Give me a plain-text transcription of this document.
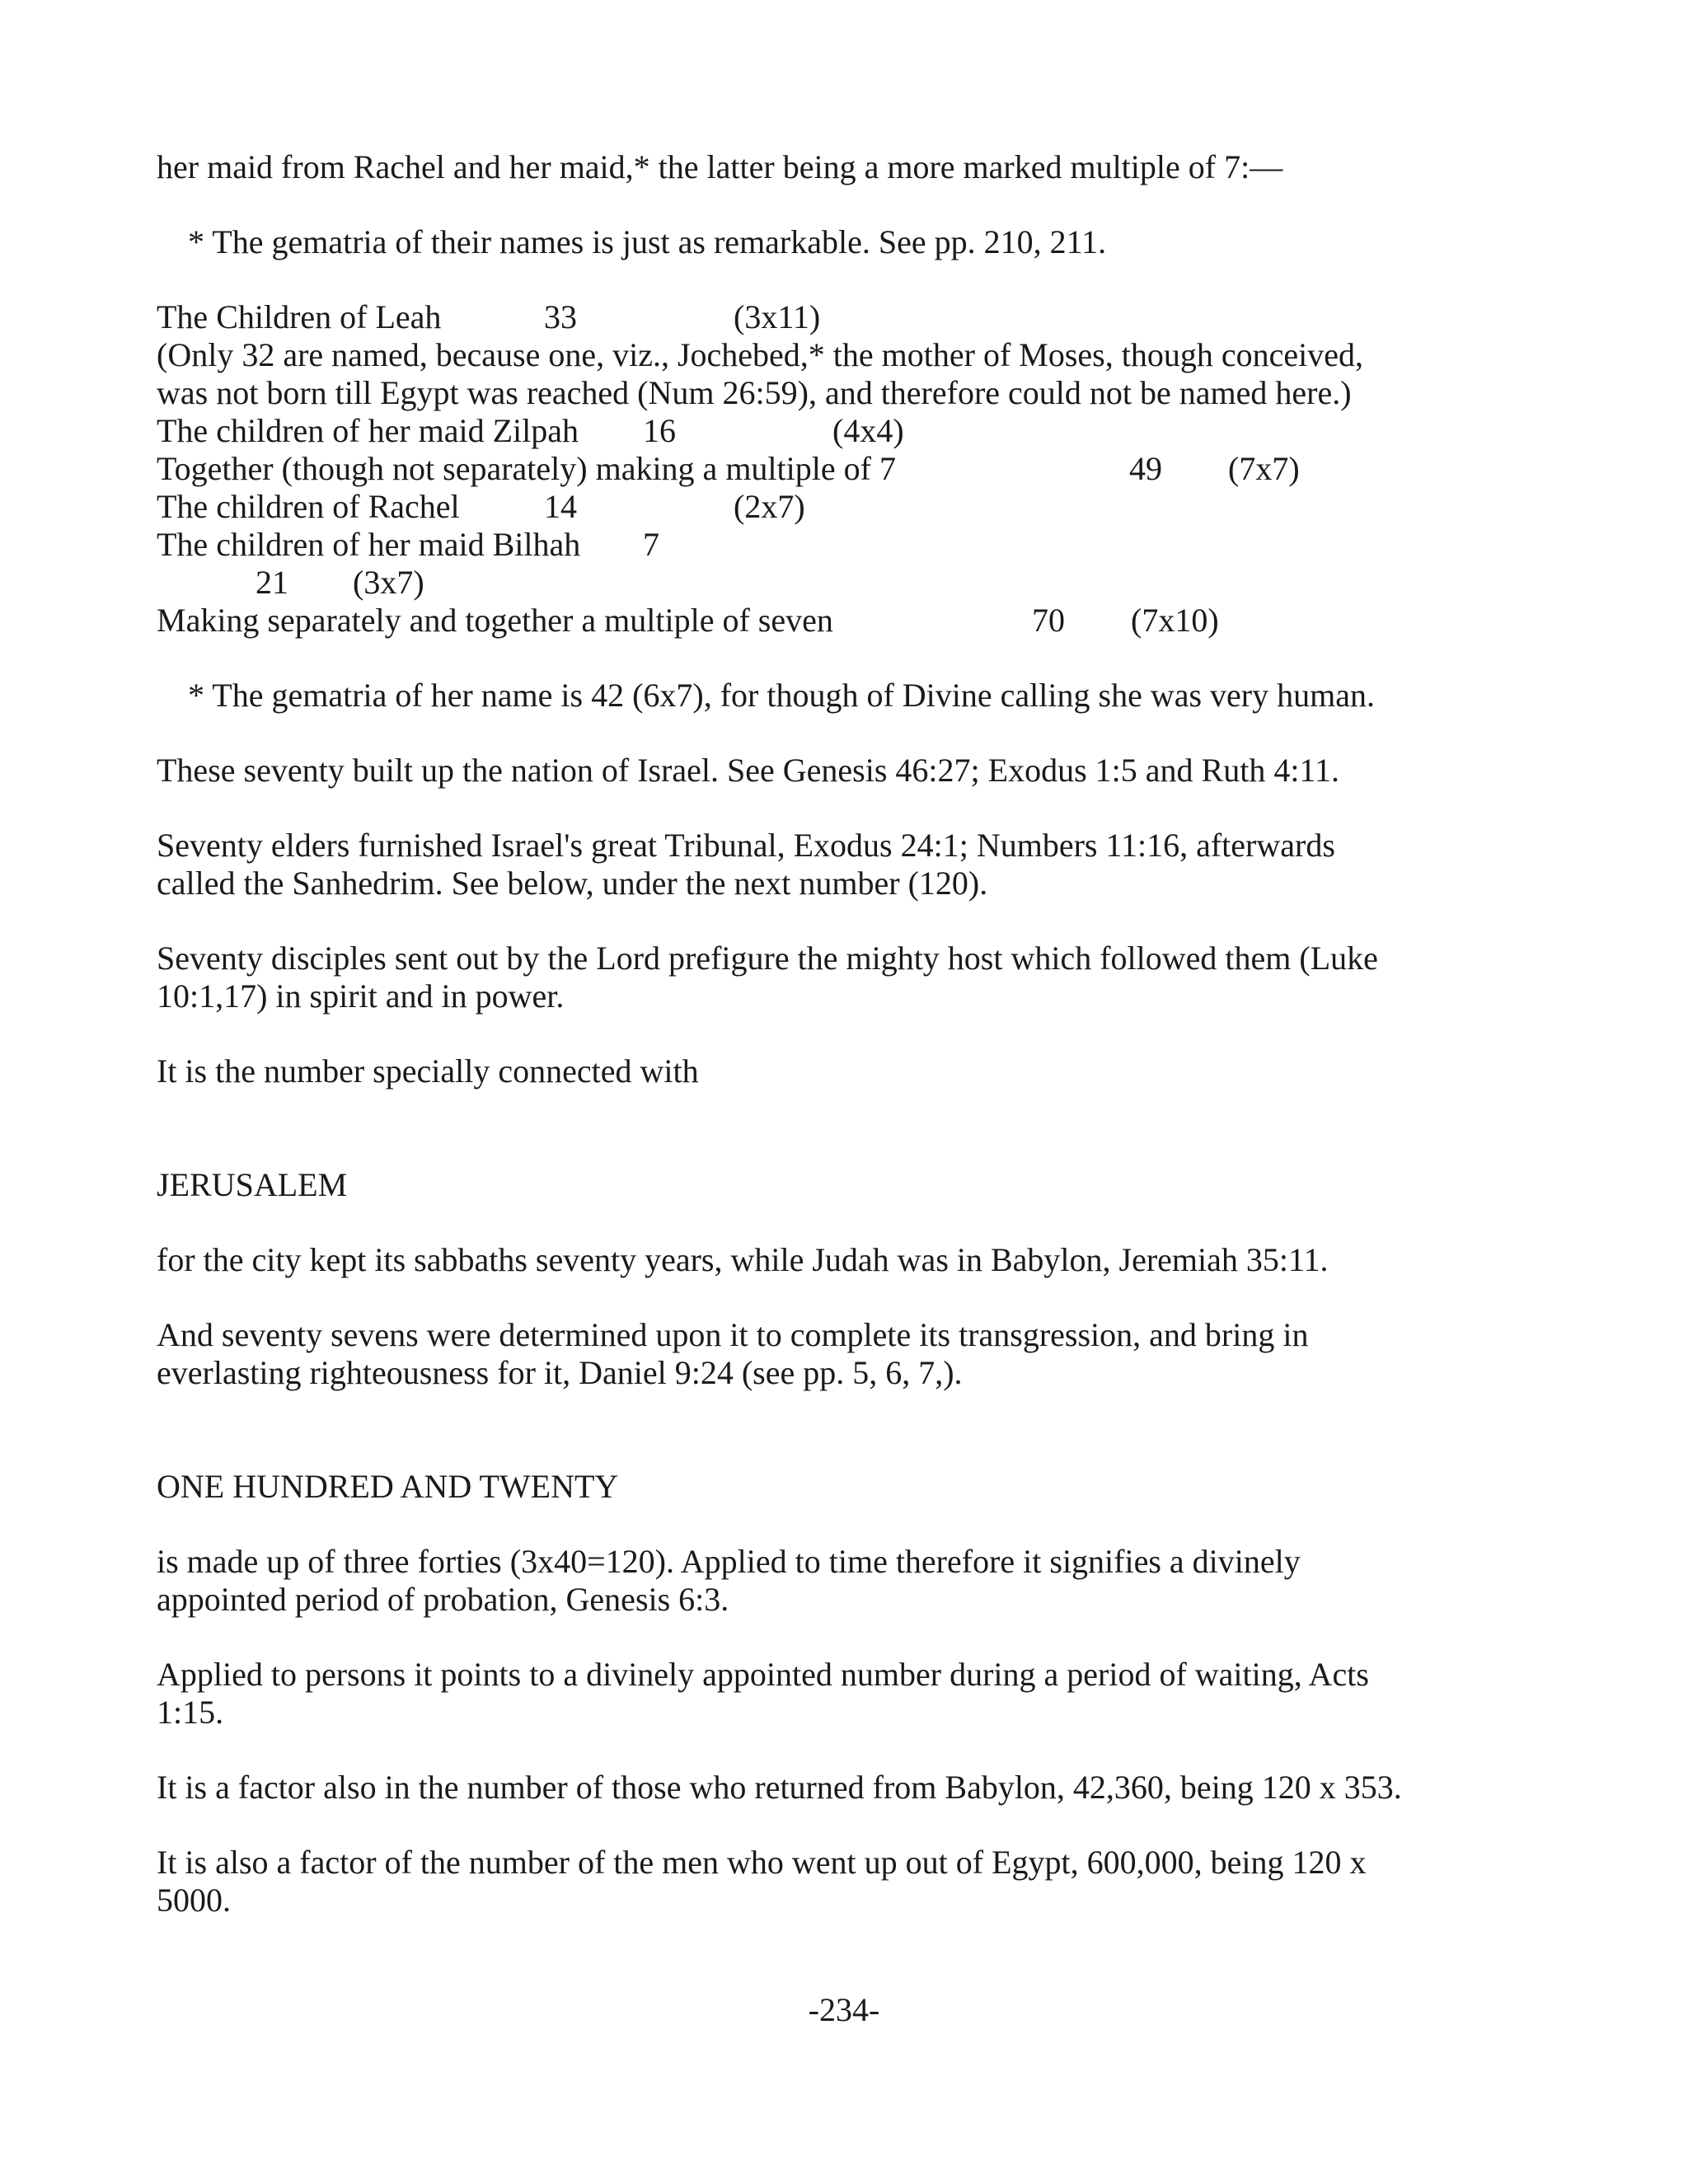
her maid from Rachel and her maid,* the latter being a more marked multiple of 7:—

* The gematria of their names is just as remarkable. See pp. 210, 211.

The Children of Leah	33	(3x11)

(Only 32 are named, because one, viz., Jochebed,* the mother of Moses, though conceived,

was not born till Egypt was reached (Num 26:59), and therefore could not be named here.)

The children of her maid Zilpah 16	(4x4)
Together (though not separately) making a multiple of 7	49 (7x7)
The children of Rachel	14	(2x7)
The children of her maid Bilhah 7
21 (3x7)
Making separately and together a multiple of seven	70 (7x10)

* The gematria of her name is 42 (6x7), for though of Divine calling she was very human.

These seventy built up the nation of Israel. See Genesis 46:27; Exodus 1:5 and Ruth 4:11.

Seventy elders furnished Israel's great Tribunal, Exodus 24:1; Numbers 11:16, afterwards

called the Sanhedrim. See below, under the next number (120).

Seventy disciples sent out by the Lord prefigure the mighty host which followed them (Luke

10:1,17) in spirit and in power.

It is the number specially connected with

JERUSALEM

for the city kept its sabbaths seventy years, while Judah was in Babylon, Jeremiah 35:11.

And seventy sevens were determined upon it to complete its transgression, and bring in

everlasting righteousness for it, Daniel 9:24 (see pp. 5, 6, 7,).

ONE HUNDRED AND TWENTY

is made up of three forties (3x40=120). Applied to time therefore it signifies a divinely

appointed period of probation, Genesis 6:3.

Applied to persons it points to a divinely appointed number during a period of waiting, Acts

1:15.

It is a factor also in the number of those who returned from Babylon, 42,360, being 120 x 353.

It is also a factor of the number of the men who went up out of Egypt, 600,000, being 120 x

5000.

-234-
